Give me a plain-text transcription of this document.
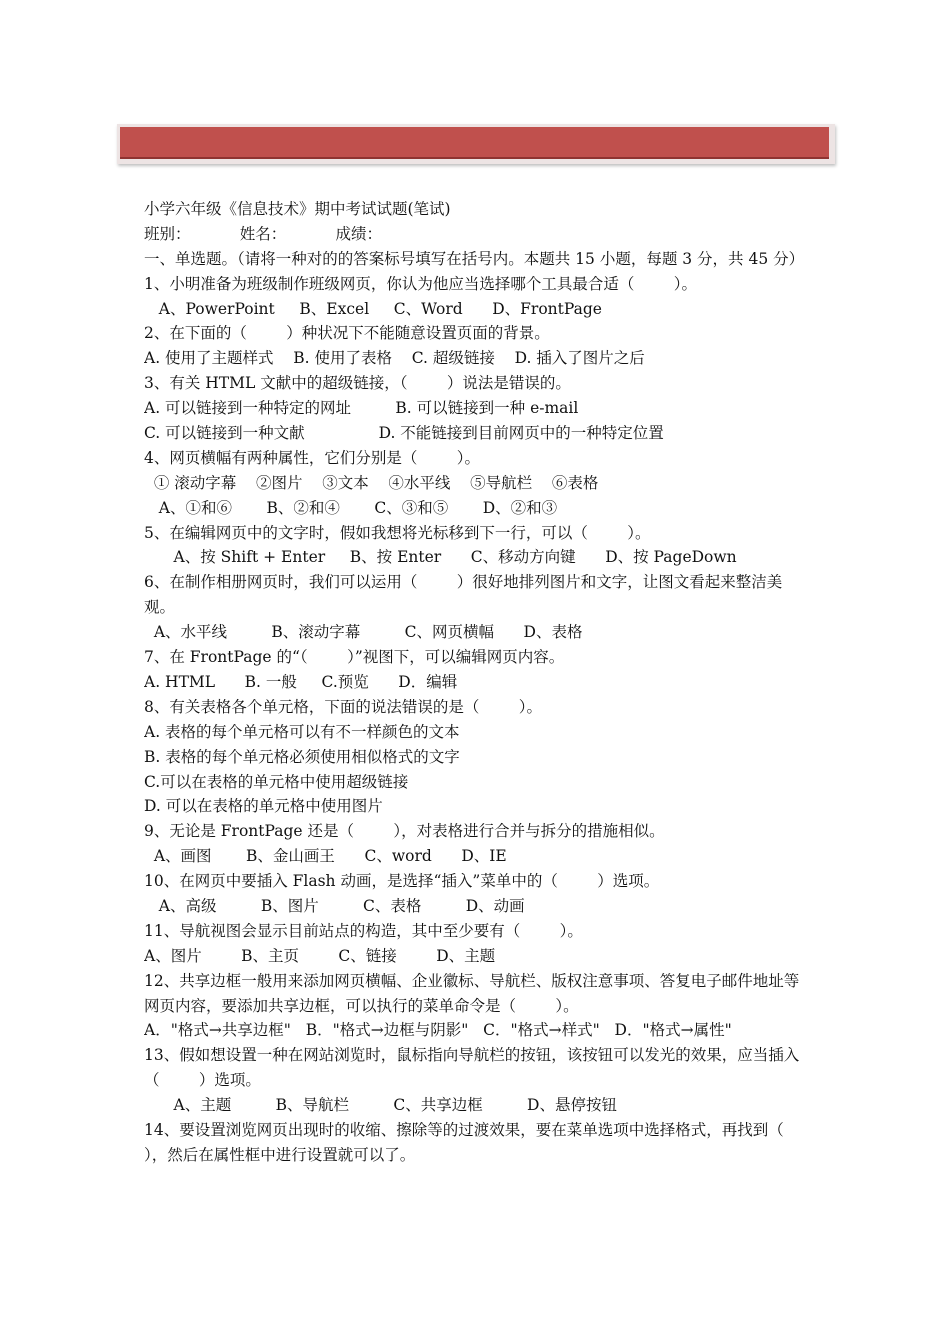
小学六年级《信息技术》期中考试试题(笔试)
班别：          姓名：          成绩：
一、单选题。（请将一种对的的答案标号填写在括号内。本题共 15 小题，每题 3 分，共 45 分）
1、小明准备为班级制作班级网页，你认为他应当选择哪个工具最合适（        ）。
A、PowerPoint     B、Excel     C、Word      D、FrontPage
2、在下面的（        ）种状况下不能随意设置页面的背景。
A. 使用了主题样式    B. 使用了表格    C. 超级链接    D. 插入了图片之后
3、有关 HTML 文献中的超级链接，（        ）说法是错误的。
A. 可以链接到一种特定的网址         B. 可以链接到一种 e-mail
C. 可以链接到一种文献               D. 不能链接到目前网页中的一种特定位置
4、网页横幅有两种属性，它们分别是（        ）。
① 滚动字幕    ②图片    ③文本    ④水平线    ⑤导航栏    ⑥表格
A、①和⑥       B、②和④       C、③和⑤       D、②和③
5、在编辑网页中的文字时，假如我想将光标移到下一行，可以（        ）。
A、按 Shift + Enter     B、按 Enter      C、移动方向键      D、按 PageDown
6、在制作相册网页时，我们可以运用（        ）很好地排列图片和文字，让图文看起来整洁美观。
A、水平线         B、滚动字幕         C、网页横幅      D、表格
7、在 FrontPage 的“（        ）”视图下，可以编辑网页内容。
A. HTML      B. 一般     C.预览      D．编辑
8、有关表格各个单元格，下面的说法错误的是（        ）。
A. 表格的每个单元格可以有不一样颜色的文本
B. 表格的每个单元格必须使用相似格式的文字
C.可以在表格的单元格中使用超级链接
D. 可以在表格的单元格中使用图片
9、无论是 FrontPage 还是（        ），对表格进行合并与拆分的措施相似。
A、画图       B、金山画王      C、word      D、IE
10、在网页中要插入 Flash 动画，是选择“插入”菜单中的（        ）选项。
A、高级         B、图片         C、表格         D、动画
11、导航视图会显示目前站点的构造，其中至少要有（        ）。
A、图片        B、主页        C、链接        D、主题
12、共享边框一般用来添加网页横幅、企业徽标、导航栏、版权注意事项、答复电子邮件地址等网页内容，要添加共享边框，可以执行的菜单命令是（        ）。
A．"格式→共享边框"   B．"格式→边框与阴影"   C．"格式→样式"   D．"格式→属性"
13、假如想设置一种在网站浏览时，鼠标指向导航栏的按钮，该按钮可以发光的效果，应当插入（        ）选项。
A、主题         B、导航栏         C、共享边框         D、悬停按钮
14、要设置浏览网页出现时的收缩、擦除等的过渡效果，要在菜单选项中选择格式，再找到（        ），然后在属性框中进行设置就可以了。
